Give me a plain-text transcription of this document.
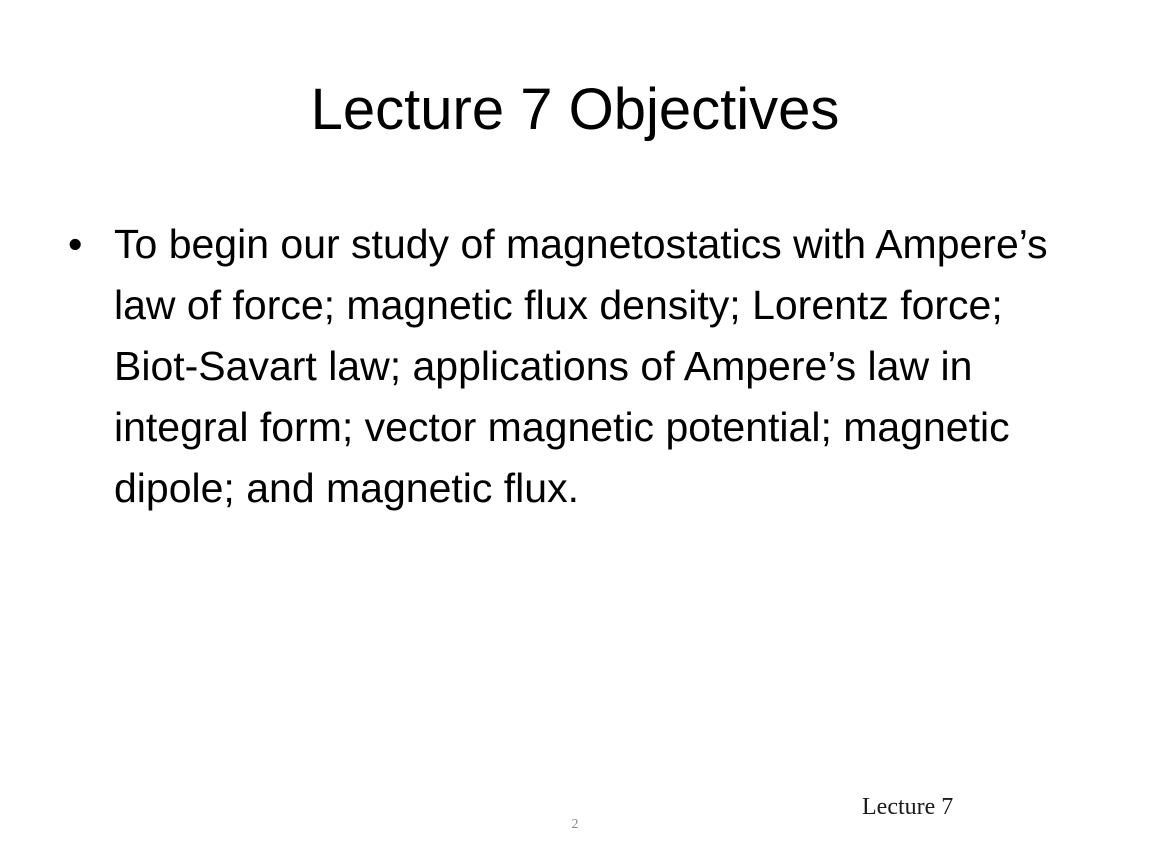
Lecture 7 Objectives
• To begin our study of magnetostatics with Ampere’s law of force; magnetic flux density; Lorentz force; Biot-Savart law; applications of Ampere’s law in integral form; vector magnetic potential; magnetic dipole; and magnetic flux.
Lecture 7
2
